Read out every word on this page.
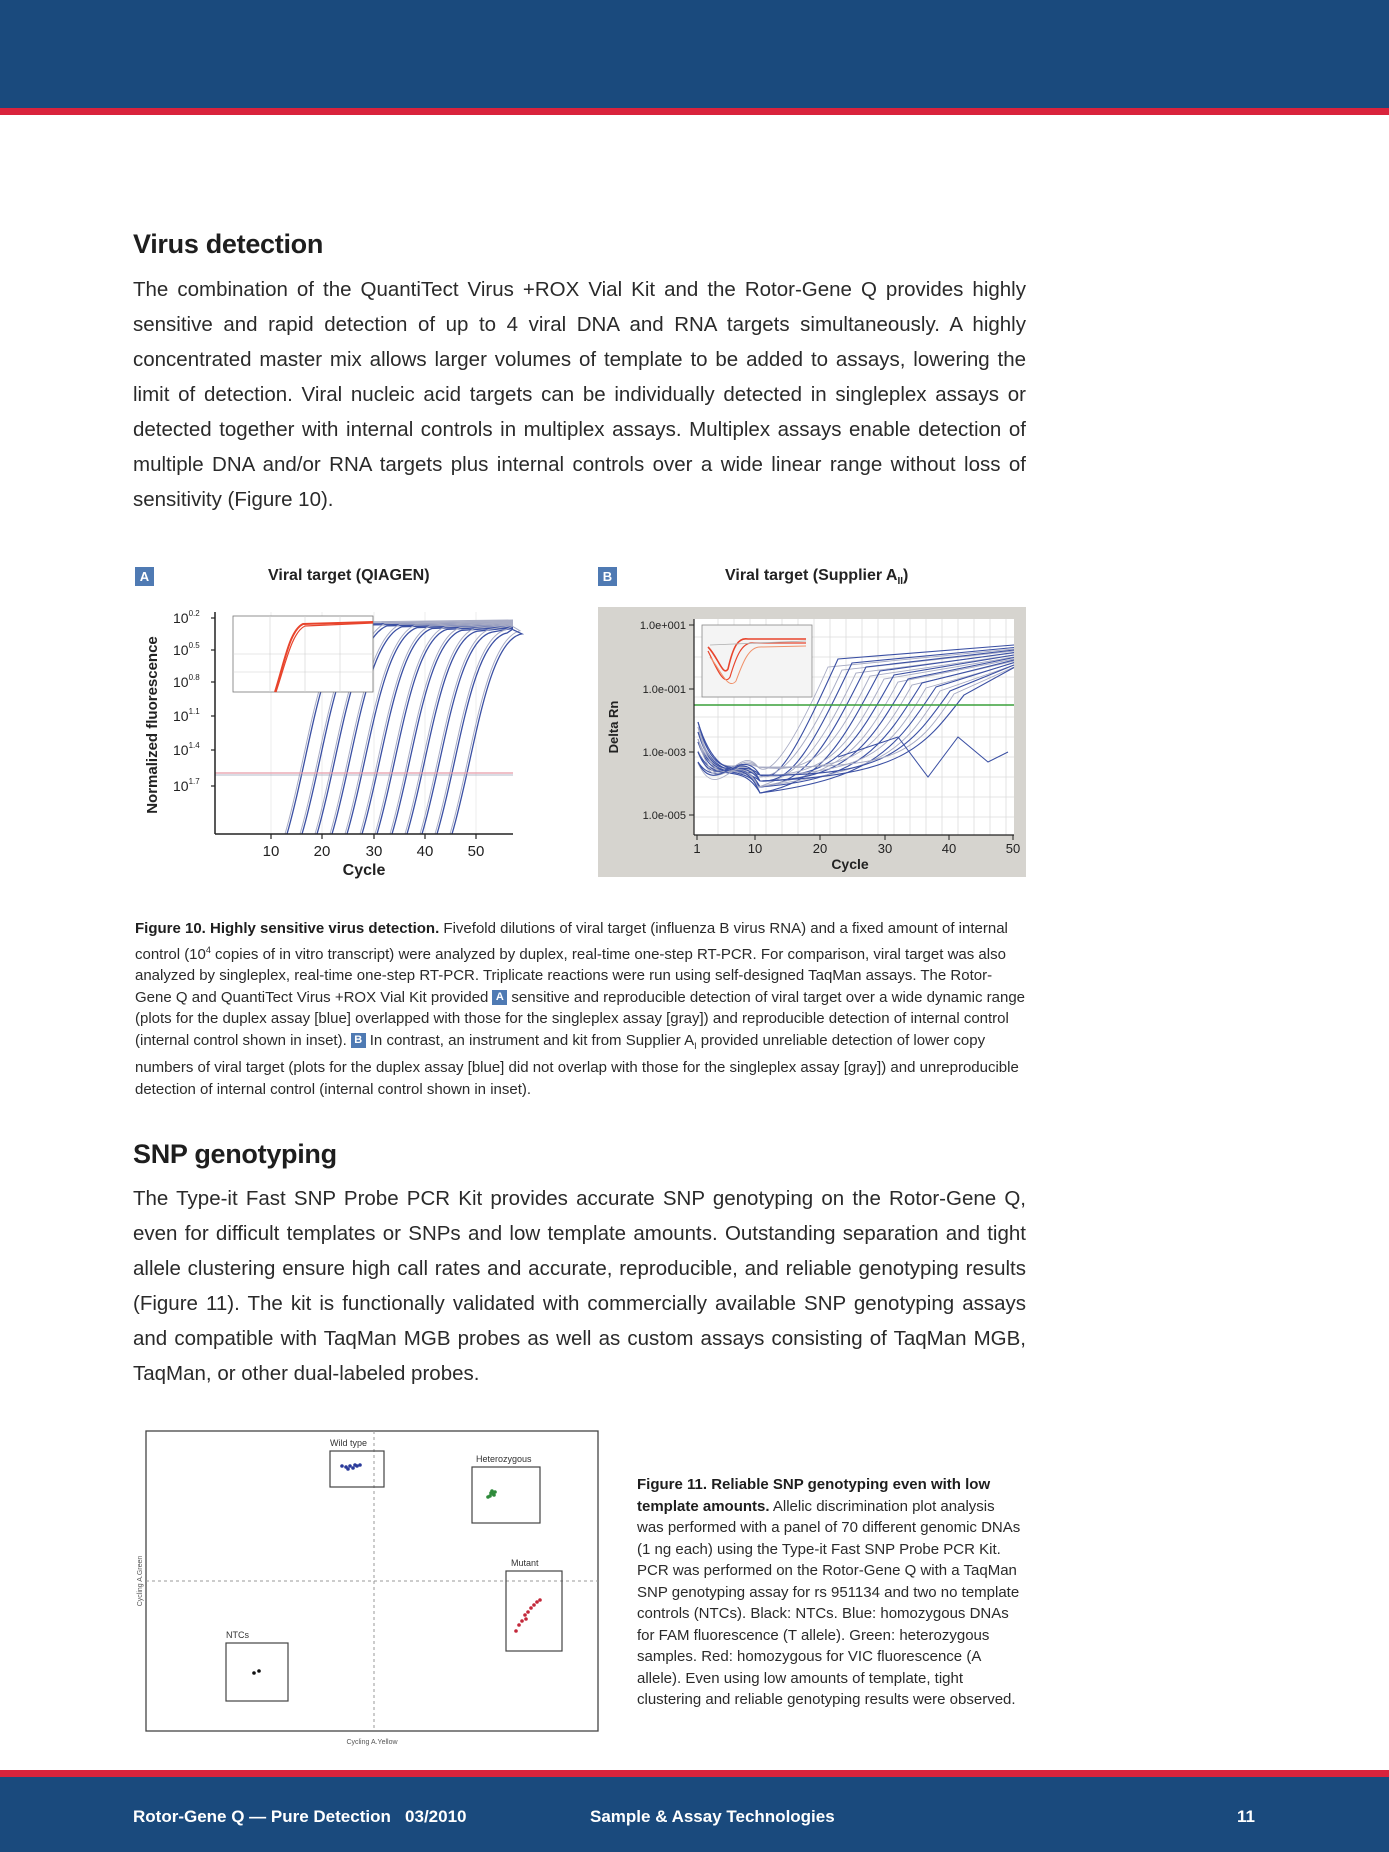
Virus detection

The combination of the QuantiTect Virus +ROX Vial Kit and the Rotor-Gene Q provides highly sensitive and rapid detection of up to 4 viral DNA and RNA targets simultaneously. A highly concentrated master mix allows larger volumes of template to be added to assays, lowering the limit of detection. Viral nucleic acid targets can be individually detected in singleplex assays or detected together with internal controls in multiplex assays. Multiplex assays enable detection of multiple DNA and/or RNA targets plus internal controls over a wide linear range without loss of sensitivity (Figure 10).

A	Viral target (QIAGEN)
$10^{0.2}$
$10^{0.5}$
$10^{0.8}$
$10^{1.1}$
$10^{1.4}$
$10^{1.7}$
10 20 30 40 50
Normalized fluorescence
Cycle
B	Viral target (Supplier $A_{II}$)
1.0e+001
1.0e-001
1.0e-003
1.0e-005
1	10	20	30	40	50
Delta Rn
Cycle

Figure 10. Highly sensitive virus detection. Fivefold dilutions of viral target (influenza B virus RNA) and a fixed amount of internal control ($10^4$ copies of in vitro transcript) were analyzed by duplex, real-time one-step RT-PCR. For comparison, viral target was also analyzed by singleplex, real-time one-step RT-PCR. Triplicate reactions were run using self-designed TaqMan assays. The Rotor-Gene Q and QuantiTect Virus +ROX Vial Kit provided A sensitive and reproducible detection of viral target over a wide dynamic range (plots for the duplex assay [blue] overlapped with those for the singleplex assay [gray]) and reproducible detection of internal control (internal control shown in inset). B In contrast, an instrument and kit from Supplier $A_I$ provided unreliable detection of lower copy numbers of viral target (plots for the duplex assay [blue] did not overlap with those for the singleplex assay [gray]) and unreproducible detection of internal control (internal control shown in inset).

SNP genotyping

The Type-it Fast SNP Probe PCR Kit provides accurate SNP genotyping on the Rotor-Gene Q, even for difficult templates or SNPs and low template amounts. Outstanding separation and tight allele clustering ensure high call rates and accurate, reproducible, and reliable genotyping results (Figure 11). The kit is functionally validated with commercially available SNP genotyping assays and compatible with TaqMan MGB probes as well as custom assays consisting of TaqMan MGB, TaqMan, or other dual-labeled probes.

Wild type
Heterozygous
Mutant
NTCs
Cycling A.Yellow
Cycling A.Green

Figure 11. Reliable SNP genotyping even with low template amounts. Allelic discrimination plot analysis was performed with a panel of 70 different genomic DNAs (1 ng each) using the Type-it Fast SNP Probe PCR Kit. PCR was performed on the Rotor-Gene Q with a TaqMan SNP genotyping assay for rs 951134 and two no template controls (NTCs). Black: NTCs. Blue: homozygous DNAs for FAM fluorescence (T allele). Green: heterozygous samples. Red: homozygous for VIC fluorescence (A allele). Even using low amounts of template, tight clustering and reliable genotyping results were observed.

Rotor-Gene Q — Pure Detection   03/2010	Sample & Assay Technologies	11
